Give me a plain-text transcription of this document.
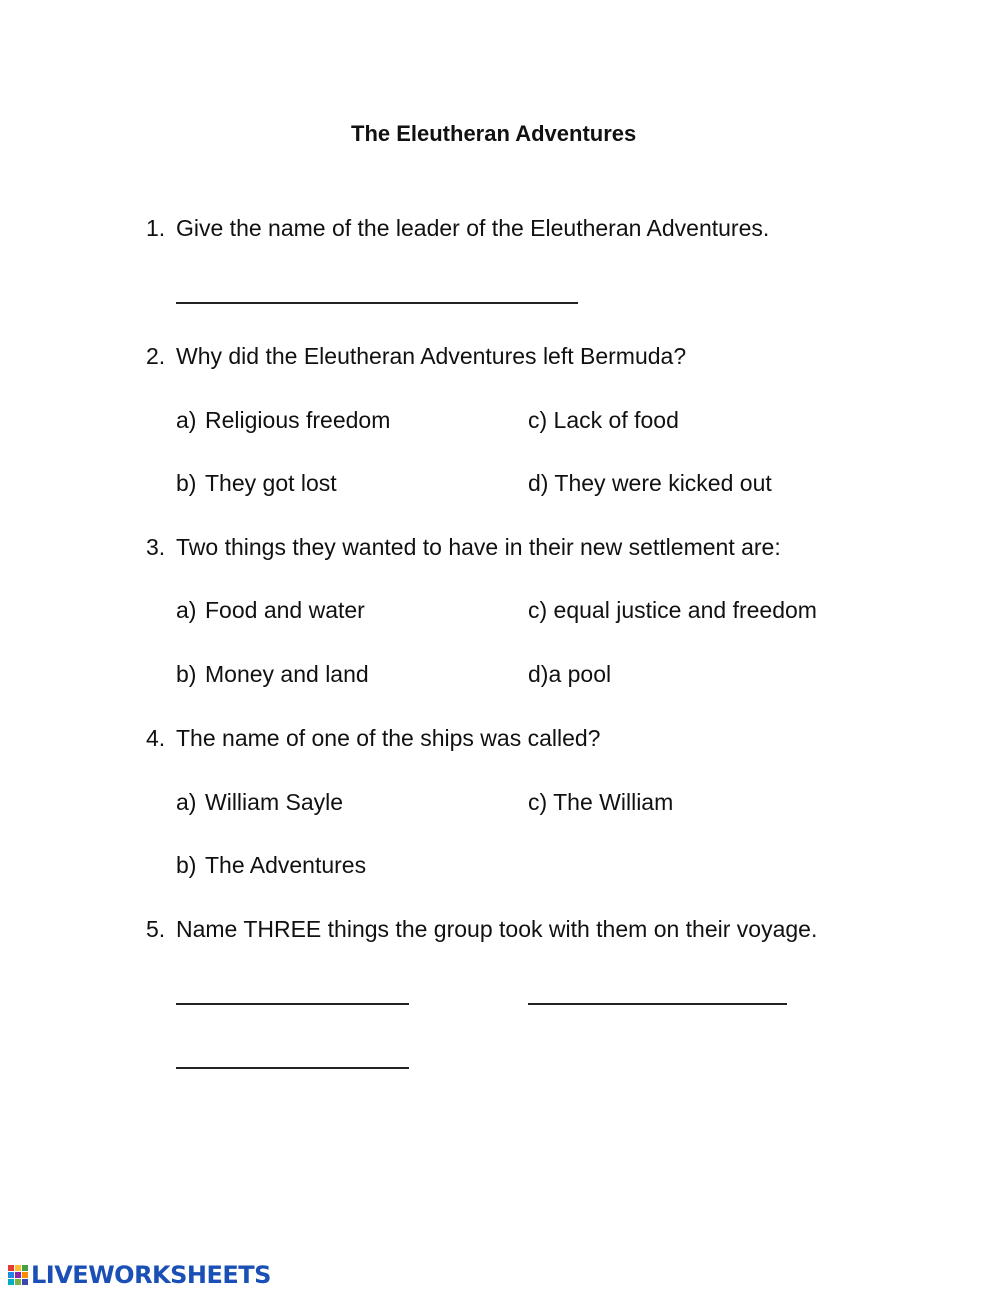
The Eleutheran Adventures
1. Give the name of the leader of the Eleutheran Adventures.
2. Why did the Eleutheran Adventures left Bermuda?
a) Religious freedom	c) Lack of food
b) They got lost	d) They were kicked out
3. Two things they wanted to have in their new settlement are:
a) Food and water	c) equal justice and freedom
b) Money and land	d)a pool
4. The name of one of the ships was called?
a) William Sayle	c) The William
b) The Adventures
5. Name THREE things the group took with them on their voyage.
LIVEWORKSHEETS
